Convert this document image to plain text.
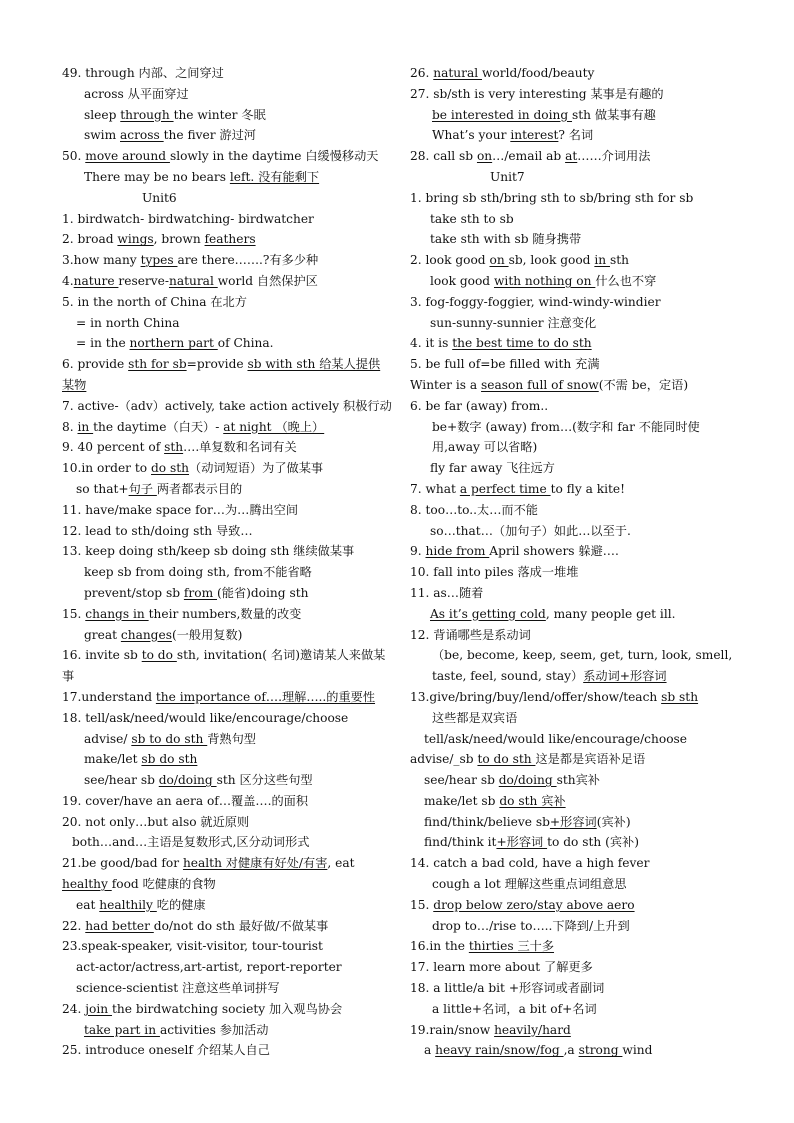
49. through 内部、之间穿过
across 从平面穿过
sleep through the winter 冬眠
swim across the fiver 游过河
50. move around slowly in the daytime 白缓慢移动天
There may be no bears left. 没有能剩下
Unit6
1. birdwatch- birdwatching- birdwatcher
2. broad wings, brown feathers
3.how many types are there…….?有多少种
4.nature reserve-natural world 自然保护区
5. in the north of China 在北方
= in north China
= in the northern part of China.
6. provide sth for sb=provide sb with sth 给某人提供某物
7. active-（adv）actively, take action actively 积极行动
8. in the daytime（白天）- at night （晚上）
9. 40 percent of sth….单复数和名词有关
10.in order to do sth（动词短语）为了做某事
so that+句子 两者都表示目的
11. have/make space for…为…腾出空间
12. lead to sth/doing sth 导致…
13. keep doing sth/keep sb doing sth 继续做某事
keep sb from doing sth, from不能省略
prevent/stop sb from (能省)doing sth
15. changs in their numbers,数量的改变
great changes(一般用复数)
16. invite sb to do sth, invitation( 名词)邀请某人来做某事
17.understand the importance of….理解…..的重要性
18. tell/ask/need/would like/encourage/choose
advise/ sb to do sth 背熟句型
make/let sb do sth
see/hear sb do/doing sth 区分这些句型
19. cover/have an aera of…覆盖….的面积
20. not only…but also 就近原则
both…and…主语是复数形式,区分动词形式
21.be good/bad for health 对健康有好处/有害, eat healthy food 吃健康的食物
eat healthily 吃的健康
22. had better do/not do sth 最好做/不做某事
23.speak-speaker, visit-visitor, tour-tourist
act-actor/actress,art-artist, report-reporter
science-scientist 注意这些单词拼写
24. join the birdwatching society 加入观鸟协会
take part in activities 参加活动
25. introduce oneself 介绍某人自己
26. natural world/food/beauty
27. sb/sth is very interesting 某事是有趣的
be interested in doing sth 做某事有趣
What’s your interest? 名词
28. call sb on…/email ab at……介词用法
Unit7
1. bring sb sth/bring sth to sb/bring sth for sb
take sth to sb
take sth with sb 随身携带
2. look good on sb, look good in sth
look good with nothing on 什么也不穿
3. fog-foggy-foggier, wind-windy-windier
sun-sunny-sunnier 注意变化
4. it is the best time to do sth
5. be full of=be filled with 充满
Winter is a season full of snow(不需 be，定语)
6. be far (away) from..
be+数字 (away) from…(数字和 far 不能同时使用,away 可以省略)
fly far away 飞往远方
7. what a perfect time to fly a kite!
8. too…to..太…而不能
so…that…（加句子）如此…以至于.
9. hide from April showers 躲避….
10. fall into piles 落成一堆堆
11. as…随着
As it’s getting cold, many people get ill.
12. 背诵哪些是系动词
（be, become, keep, seem, get, turn, look, smell, taste, feel, sound, stay）系动词+形容词
13.give/bring/buy/lend/offer/show/teach sb sth
这些都是双宾语
tell/ask/need/would like/encourage/choose
advise/_sb to do sth 这是都是宾语补足语
see/hear sb do/doing sth宾补
make/let sb do sth 宾补
find/think/believe sb+形容词(宾补)
find/think it+形容词 to do sth (宾补)
14. catch a bad cold, have a high fever
cough a lot 理解这些重点词组意思
15. drop below zero/stay above aero
drop to…/rise to…..下降到/上升到
16.in the thirties 三十多
17. learn more about 了解更多
18. a little/a bit +形容词或者副词
a little+名词，a bit of+名词
19.rain/snow heavily/hard
a heavy rain/snow/fog ,a strong wind
